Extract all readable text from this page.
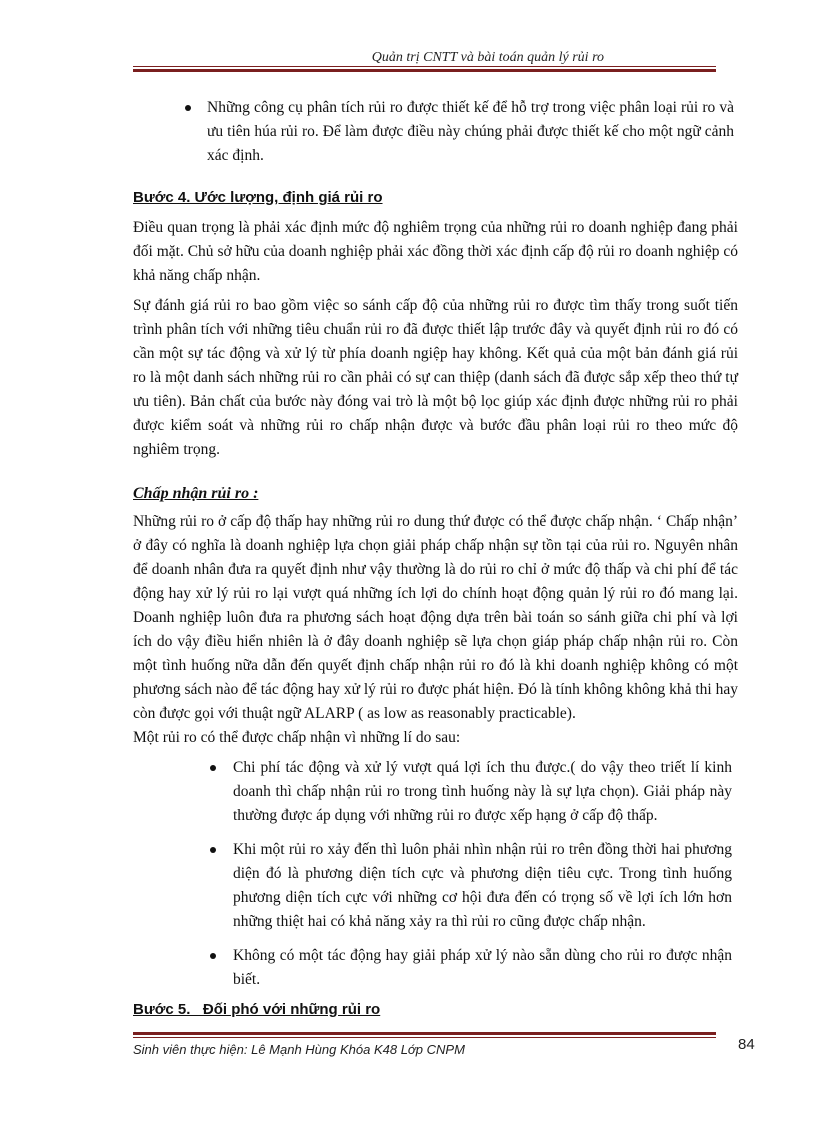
Quản trị CNTT và bài toán quản lý rủi ro
Những công cụ phân tích rủi ro được thiết kế để hỗ trợ trong việc phân loại rủi ro và ưu tiên húa rủi ro. Để làm được điều này chúng phải được thiết kế cho một ngữ cảnh xác định.
Bước 4. Ước lượng, định giá rủi ro

Điều quan trọng là phải xác định mức độ nghiêm trọng của những rủi ro doanh nghiệp đang phải đối mặt. Chủ sở hữu của doanh nghiệp phải xác đồng thời xác định cấp độ rủi ro doanh nghiệp có khả năng chấp nhận.

Sự đánh giá rủi ro bao gồm việc so sánh cấp độ của những rủi ro được tìm thấy trong suốt tiến trình phân tích với những tiêu chuẩn rủi ro đã được thiết lập trước đây và quyết định rủi ro đó có cần một sự tác động và xử lý từ phía doanh ngiệp hay không. Kết quả của một bản đánh giá rủi ro là một danh sách những rủi ro cần phải có sự can thiệp (danh sách đã được sắp xếp theo thứ tự ưu tiên). Bản chất của bước này đóng vai trò là một bộ lọc giúp xác định được những rủi ro phải được kiểm soát và những rủi ro chấp nhận được và bước đầu phân loại rủi ro theo mức độ nghiêm trọng.

Chấp nhận rủi ro :

Những rủi ro ở cấp độ thấp hay những rủi ro dung thứ được có thể được chấp nhận. ‘ Chấp nhận’ ở đây có nghĩa là doanh nghiệp lựa chọn giải pháp chấp nhận sự tồn tại của rủi ro. Nguyên nhân để doanh nhân đưa ra quyết định như vậy thường là do rủi ro chỉ ở mức độ thấp và chi phí để tác động hay xử lý rủi ro lại vượt quá những ích lợi do chính hoạt động quản lý rủi ro đó mang lại. Doanh nghiệp luôn đưa ra phương sách hoạt động dựa trên bài toán so sánh giữa chi phí và lợi ích do vậy điều hiển nhiên là ở đây doanh nghiệp sẽ lựa chọn giáp pháp chấp nhận rủi ro. Còn một tình huống nữa dẫn đến quyết định chấp nhận rủi ro đó là khi doanh nghiệp không có một phương sách nào để tác động hay xử lý rủi ro được phát hiện. Đó là tính không không khả thi hay còn được gọi với thuật ngữ ALARP ( as low as reasonably practicable).

Một rủi ro có thể được chấp nhận vì những lí do sau:

Chi phí tác động và xử lý vượt quá lợi ích thu được.( do vậy theo triết lí kinh doanh thì chấp nhận rủi ro trong tình huống này là sự lựa chọn). Giải pháp này thường được áp dụng với những rủi ro được xếp hạng ở cấp độ thấp.
Khi một rủi ro xảy đến thì luôn phải nhìn nhận rủi ro trên đồng thời hai phương diện đó là phương diện tích cực và phương diện tiêu cực. Trong tình huống phương diện tích cực với những cơ hội đưa đến có trọng số về lợi ích lớn hơn những thiệt hai có khả năng xảy ra thì rủi ro cũng được chấp nhận.
Không có một tác động hay giải pháp xử lý nào sẵn dùng cho rủi ro được nhận biết.
Bước 5.   Đối phó với những rủi ro
Sinh viên thực hiện: Lê Mạnh Hùng Khóa K48 Lớp CNPM	84
